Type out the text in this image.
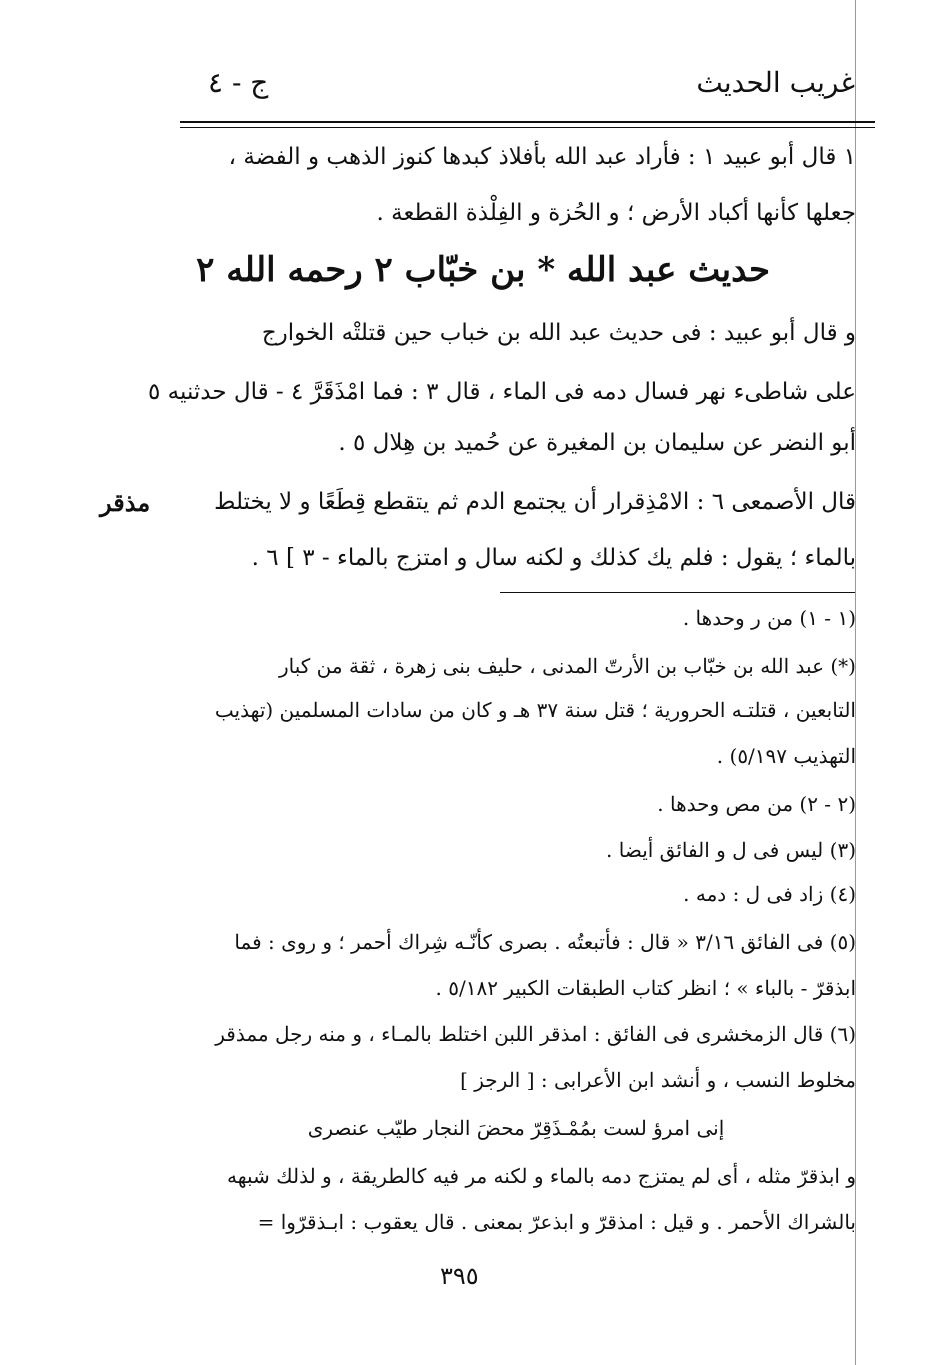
غريب الحديث
ج - ٤
١ قال أبو عبيد ١ : فأراد عبد الله بأفلاذ كبدها كنوز الذهب و الفضة ،
جعلها كأنها أكباد الأرض ؛ و الحُزة و الفِلْذة القطعة .
حديث عبد الله * بن خبّاب ٢ رحمه الله ٢
و قال أبو عبيد : فى حديث عبد الله بن خباب حين قتلتْه الخوارج
على شاطىء نهر فسال دمه فى الماء ، قال ٣ : فما امْذَقَرَّ ٤ - قال حدثنيه ٥
أبو النضر عن سليمان بن المغيرة عن حُميد بن هِلال ٥ .
قال الأصمعى ٦ : الامْذِقرار أن يجتمع الدم ثم يتقطع قِطَعًا و لا يختلط
بالماء ؛ يقول : فلم يك كذلك و لكنه سال و امتزج بالماء - ٣ ] ٦ .
مذقر
(١ - ١) من ر وحدها .
(*) عبد الله بن خبّاب بن الأرتّ المدنى ، حليف بنى زهرة ، ثقة من كبار
التابعين ، قتلتـه الحرورية ؛ قتل سنة ٣٧ هـ و كان من سادات المسلمين (تهذيب
التهذيب ٥/١٩٧) .
(٢ - ٢) من مص وحدها .
(٣) ليس فى ل و الفائق أيضا .
(٤) زاد فى ل : دمه .
(٥) فى الفائق ٣/١٦ « قال : فأتبعتُه . بصرى كأنّـه شِراك أحمر ؛ و روى : فما
ابذقرّ - بالباء » ؛ انظر كتاب الطبقات الكبير ٥/١٨٢ .
(٦) قال الزمخشرى فى الفائق : امذقر اللبن اختلط بالمـاء ، و منه رجل ممذقر
مخلوط النسب ، و أنشد ابن الأعرابى : [ الرجز ]
إنى امرؤ لست بمُمْـذَقِرّ محضَ النجار طيّب عنصرى
و ابذقرّ مثله ، أى لم يمتزج دمه بالماء و لكنه مر فيه كالطريقة ، و لذلك شبهه
بالشراك الأحمر . و قيل : امذقرّ و ابذعرّ بمعنى . قال يعقوب : ابـذقرّوا =
٣٩٥
